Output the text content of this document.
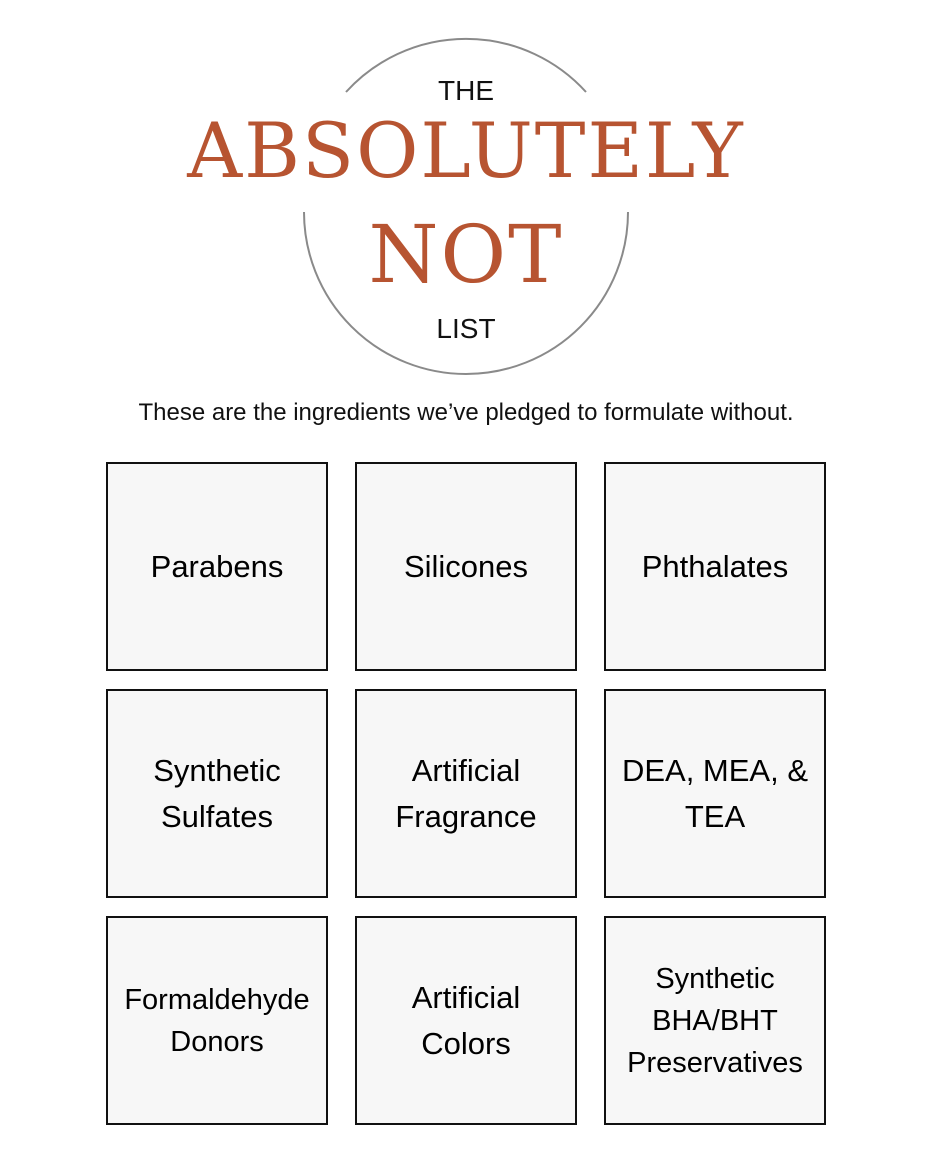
THE
ABSOLUTELY
NOT
LIST
These are the ingredients we’ve pledged to formulate without.
Parabens	Silicones	Phthalates
Synthetic
Sulfates
Artificial
Fragrance
DEA, MEA, &
TEA
Formaldehyde
Donors
Artificial
Colors
Synthetic
BHA/BHT
Preservatives
